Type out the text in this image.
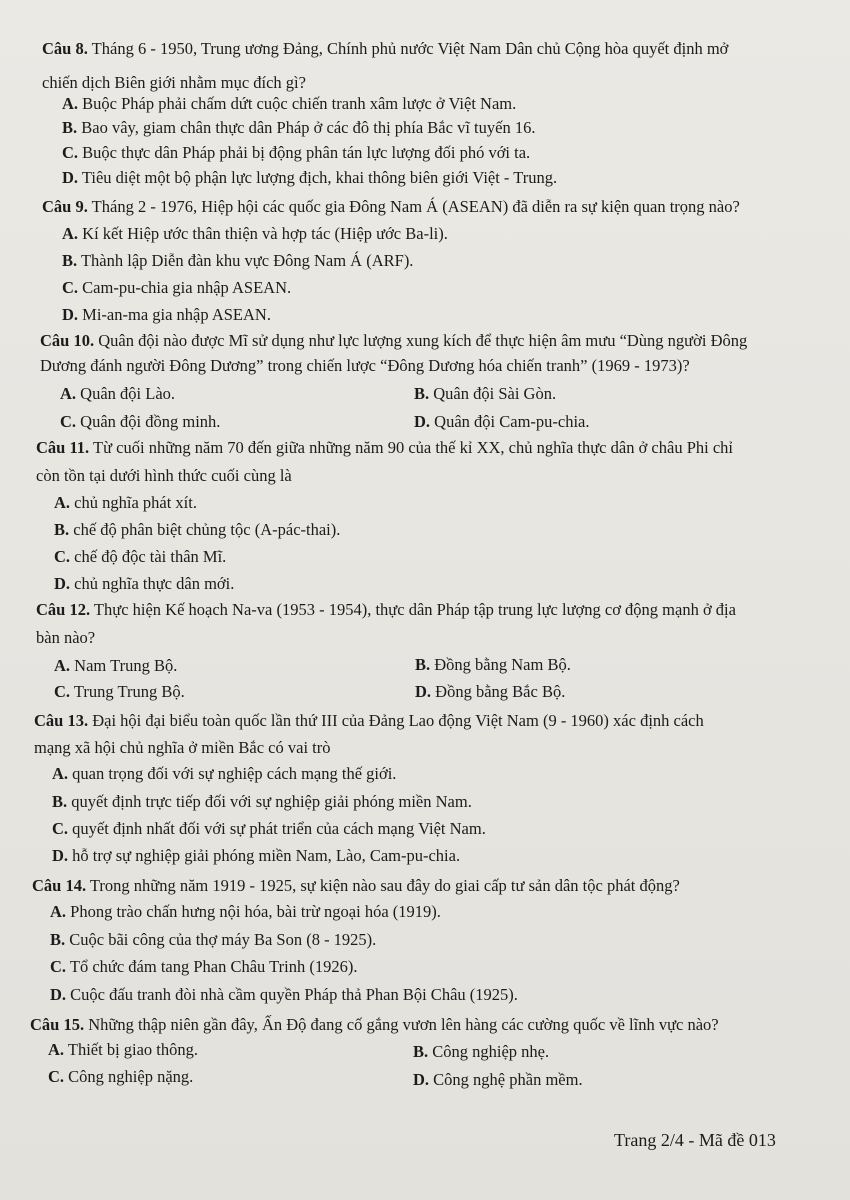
Câu 8. Tháng 6 - 1950, Trung ương Đảng, Chính phủ nước Việt Nam Dân chủ Cộng hòa quyết định mở
chiến dịch Biên giới nhằm mục đích gì?
A. Buộc Pháp phải chấm dứt cuộc chiến tranh xâm lược ở Việt Nam.
B. Bao vây, giam chân thực dân Pháp ở các đô thị phía Bắc vĩ tuyến 16.
C. Buộc thực dân Pháp phải bị động phân tán lực lượng đối phó với ta.
D. Tiêu diệt một bộ phận lực lượng địch, khai thông biên giới Việt - Trung.
Câu 9. Tháng 2 - 1976, Hiệp hội các quốc gia Đông Nam Á (ASEAN) đã diễn ra sự kiện quan trọng nào?
A. Kí kết Hiệp ước thân thiện và hợp tác (Hiệp ước Ba-li).
B. Thành lập Diễn đàn khu vực Đông Nam Á (ARF).
C. Cam-pu-chia gia nhập ASEAN.
D. Mi-an-ma gia nhập ASEAN.
Câu 10. Quân đội nào được Mĩ sử dụng như lực lượng xung kích để thực hiện âm mưu “Dùng người Đông
Dương đánh người Đông Dương” trong chiến lược “Đông Dương hóa chiến tranh” (1969 - 1973)?
A. Quân đội Lào.	B. Quân đội Sài Gòn.
C. Quân đội đồng minh.	D. Quân đội Cam-pu-chia.
Câu 11. Từ cuối những năm 70 đến giữa những năm 90 của thế kỉ XX, chủ nghĩa thực dân ở châu Phi chỉ
còn tồn tại dưới hình thức cuối cùng là
A. chủ nghĩa phát xít.
B. chế độ phân biệt chủng tộc (A-pác-thai).
C. chế độ độc tài thân Mĩ.
D. chủ nghĩa thực dân mới.
Câu 12. Thực hiện Kế hoạch Na-va (1953 - 1954), thực dân Pháp tập trung lực lượng cơ động mạnh ở địa
bàn nào?
A. Nam Trung Bộ.	B. Đồng bằng Nam Bộ.
C. Trung Trung Bộ.	D. Đồng bằng Bắc Bộ.
Câu 13. Đại hội đại biểu toàn quốc lần thứ III của Đảng Lao động Việt Nam (9 - 1960) xác định cách
mạng xã hội chủ nghĩa ở miền Bắc có vai trò
A. quan trọng đối với sự nghiệp cách mạng thế giới.
B. quyết định trực tiếp đối với sự nghiệp giải phóng miền Nam.
C. quyết định nhất đối với sự phát triển của cách mạng Việt Nam.
D. hỗ trợ sự nghiệp giải phóng miền Nam, Lào, Cam-pu-chia.
Câu 14. Trong những năm 1919 - 1925, sự kiện nào sau đây do giai cấp tư sản dân tộc phát động?
A. Phong trào chấn hưng nội hóa, bài trừ ngoại hóa (1919).
B. Cuộc bãi công của thợ máy Ba Son (8 - 1925).
C. Tổ chức đám tang Phan Châu Trinh (1926).
D. Cuộc đấu tranh đòi nhà cầm quyền Pháp thả Phan Bội Châu (1925).
Câu 15. Những thập niên gần đây, Ấn Độ đang cố gắng vươn lên hàng các cường quốc về lĩnh vực nào?
A. Thiết bị giao thông.	B. Công nghiệp nhẹ.
C. Công nghiệp nặng.	D. Công nghệ phần mềm.
Trang 2/4 - Mã đề 013
